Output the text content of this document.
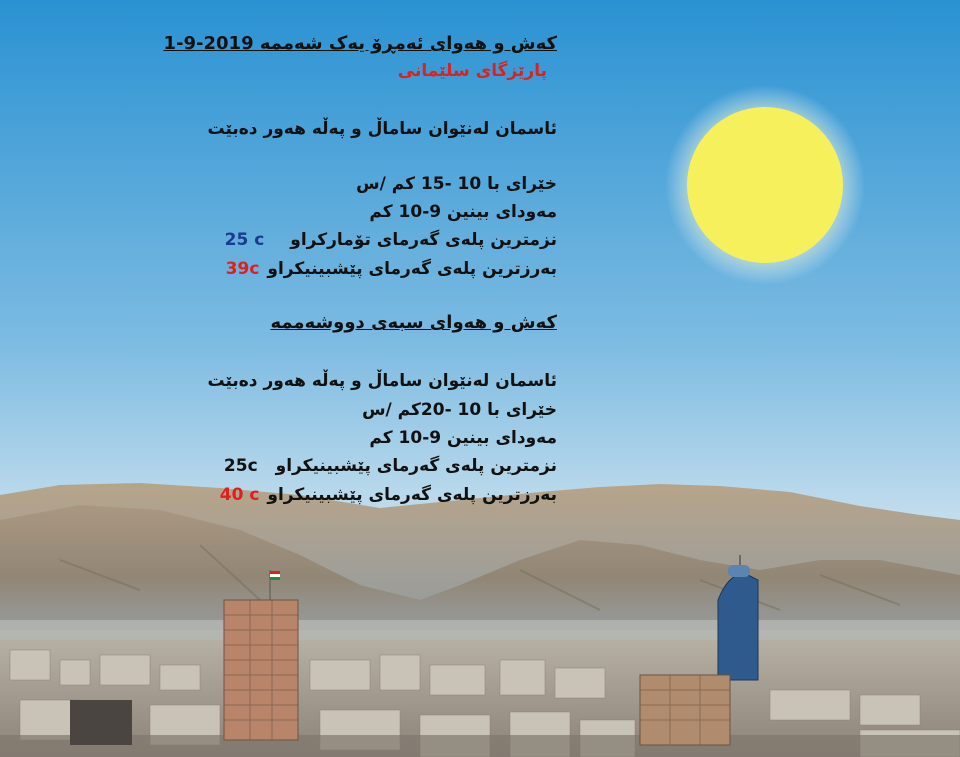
کەش و هەوای ئەمڕۆ یەک شەممە 2019-9-1
پارێزگای سلێمانی
ئاسمان لەنێوان ساماڵ و پەڵە هەور دەبێت
خێرای با 10 -15 کم /س
مەودای بینین 9-10 کم
نزمترین پلەی گەرمای تۆمارکراو25 c
بەرزترین پلەی گەرمای پێشبینیکراو39c
کەش و هەوای سبەی دووشەممە
ئاسمان لەنێوان ساماڵ و پەڵە هەور دەبێت
خێرای با 10 -20کم /س
مەودای بینین 9-10 کم
نزمترین پلەی گەرمای پێشبینیکراو25c
بەرزترین پلەی گەرمای پێشبینیکراو40 c
